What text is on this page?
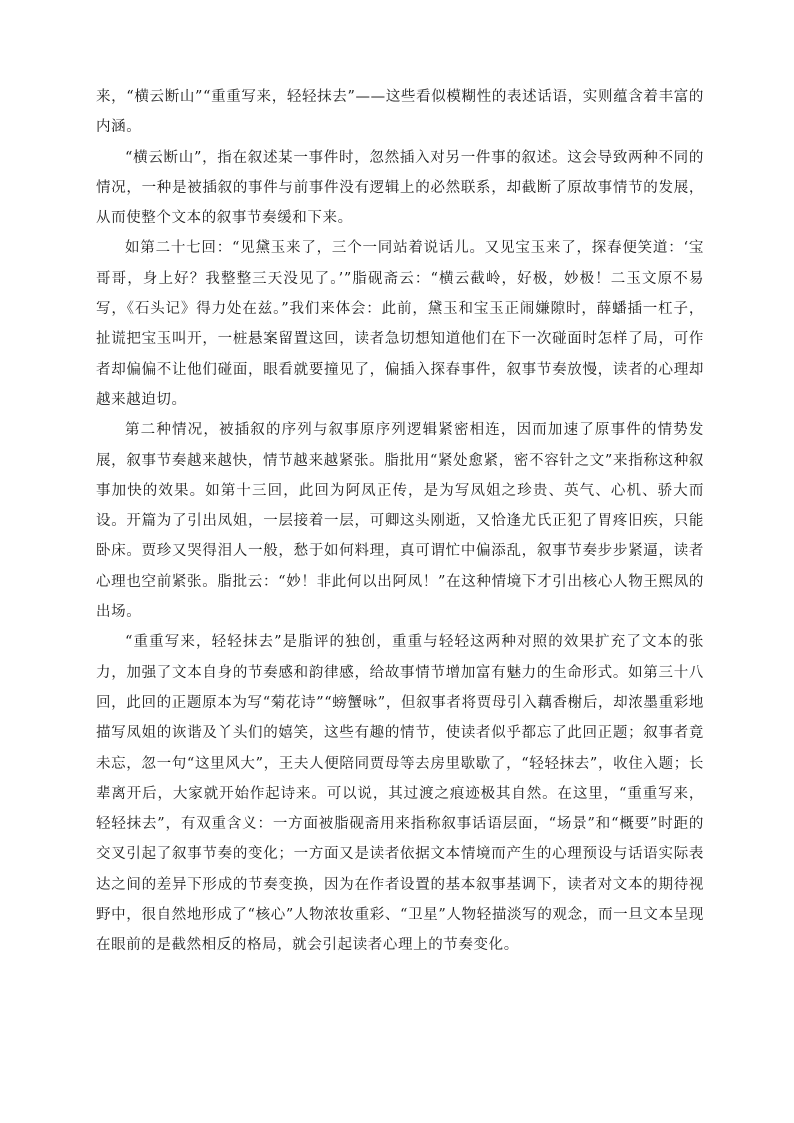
来，“横云断山”“重重写来，轻轻抹去”——这些看似模糊性的表述话语，实则蕴含着丰富的内涵。

“横云断山”，指在叙述某一事件时，忽然插入对另一件事的叙述。这会导致两种不同的情况，一种是被插叙的事件与前事件没有逻辑上的必然联系，却截断了原故事情节的发展，从而使整个文本的叙事节奏缓和下来。

如第二十七回：“见黛玉来了，三个一同站着说话儿。又见宝玉来了，探春便笑道：‘宝哥哥，身上好？我整整三天没见了。’”脂砚斋云：“横云截岭，好极，妙极！二玉文原不易写，《石头记》得力处在兹。”我们来体会：此前，黛玉和宝玉正闹嫌隙时，薛蟠插一杠子，扯谎把宝玉叫开，一桩悬案留置这回，读者急切想知道他们在下一次碰面时怎样了局，可作者却偏偏不让他们碰面，眼看就要撞见了，偏插入探春事件，叙事节奏放慢，读者的心理却越来越迫切。

第二种情况，被插叙的序列与叙事原序列逻辑紧密相连，因而加速了原事件的情势发展，叙事节奏越来越快，情节越来越紧张。脂批用“紧处愈紧，密不容针之文”来指称这种叙事加快的效果。如第十三回，此回为阿凤正传，是为写凤姐之珍贵、英气、心机、骄大而设。开篇为了引出凤姐，一层接着一层，可卿这头刚逝，又恰逢尤氏正犯了胃疼旧疾，只能卧床。贾珍又哭得泪人一般，愁于如何料理，真可谓忙中偏添乱，叙事节奏步步紧逼，读者心理也空前紧张。脂批云：“妙！非此何以出阿凤！”在这种情境下才引出核心人物王熙凤的出场。

“重重写来，轻轻抹去”是脂评的独创，重重与轻轻这两种对照的效果扩充了文本的张力，加强了文本自身的节奏感和韵律感，给故事情节增加富有魅力的生命形式。如第三十八回，此回的正题原本为写“菊花诗”“螃蟹咏”，但叙事者将贾母引入藕香榭后，却浓墨重彩地描写凤姐的诙谐及丫头们的嬉笑，这些有趣的情节，使读者似乎都忘了此回正题；叙事者竟未忘，忽一句“这里风大”，王夫人便陪同贾母等去房里歇歇了，“轻轻抹去”，收住入题；长辈离开后，大家就开始作起诗来。可以说，其过渡之痕迹极其自然。在这里，“重重写来，轻轻抹去”，有双重含义：一方面被脂砚斋用来指称叙事话语层面，“场景”和“概要”时距的交叉引起了叙事节奏的变化；一方面又是读者依据文本情境而产生的心理预设与话语实际表达之间的差异下形成的节奏变换，因为在作者设置的基本叙事基调下，读者对文本的期待视野中，很自然地形成了“核心”人物浓妆重彩、“卫星”人物轻描淡写的观念，而一旦文本呈现在眼前的是截然相反的格局，就会引起读者心理上的节奏变化。
